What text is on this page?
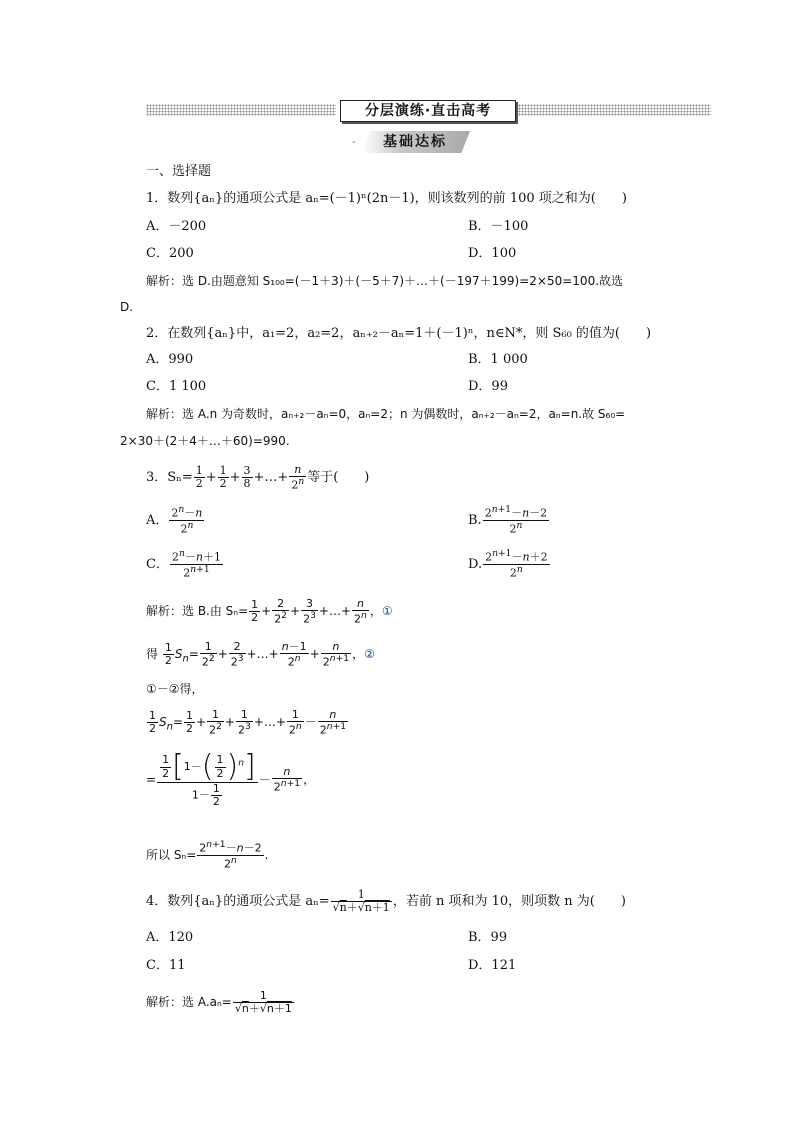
分层演练·直击高考
‟	基础达标
一、选择题
1．数列{aₙ}的通项公式是 aₙ=(－1)ⁿ(2n－1)，则该数列的前 100 项之和为(　　)
A．－200	B．－100
C．200	D．100
解析：选 D.由题意知 S₁₀₀=(－1＋3)＋(－5＋7)＋…＋(－197＋199)=2×50=100.故选
D.
2．在数列{aₙ}中，a₁=2，a₂=2，aₙ₊₂－aₙ=1＋(－1)ⁿ，n∈N*，则 S₆₀ 的值为(　　)
A．990	B．1 000
C．1 100	D．99
解析：选 A.n 为奇数时，aₙ₊₂－aₙ=0，aₙ=2；n 为偶数时，aₙ₊₂－aₙ=2，aₙ=n.故 S₆₀=
2×30＋(2＋4＋…＋60)=990.
3．$S_n= \frac{1}{2} + \frac{1}{2} + \frac{3}{8}$ +…+ $\frac{n}{2^n}$ 等于(　　)
A． $\frac{2^n-n}{2^n}$	B. $\frac{2^{n+1}-n-2}{2^n}$
C． $\frac{2^n-n+1}{2^{n+1}}$	D. $\frac{2^{n+1}-n+2}{2^n}$
解析：选 B.由 $S_n= \frac{1}{2} + \frac{2}{2^2} + \frac{3}{2^3}$ +…+ $\frac{n}{2^n}$ ，①
得 $\frac{1}{2} S_n= \frac{1}{2^2} + \frac{2}{2^3}$ +…+ $\frac{n-1}{2^n} + \frac{n}{2^{n+1}}$ ，②
①－②得，
$\frac{1}{2} S_n= \frac{1}{2} + \frac{1}{2^2} + \frac{1}{2^3}$ +…+ $\frac{1}{2^n} - \frac{n}{2^{n+1}}$
= $\frac{\frac{1}{2} [1-( \frac{1}{2} )^n]}{1- \frac{1}{2}} - \frac{n}{2^{n+1}}$ ，
所以 $S_n= \frac{2^{n+1}-n-2}{2^n}$ .
4．数列{aₙ}的通项公式是 $a_n= \frac{1}{√n+√n+1}$ ，若前 n 项和为 10，则项数 n 为(　　)
A．120	B．99
C．11	D．121
解析：选 $A.a_n= \frac{1}{√n+√n+1}$
